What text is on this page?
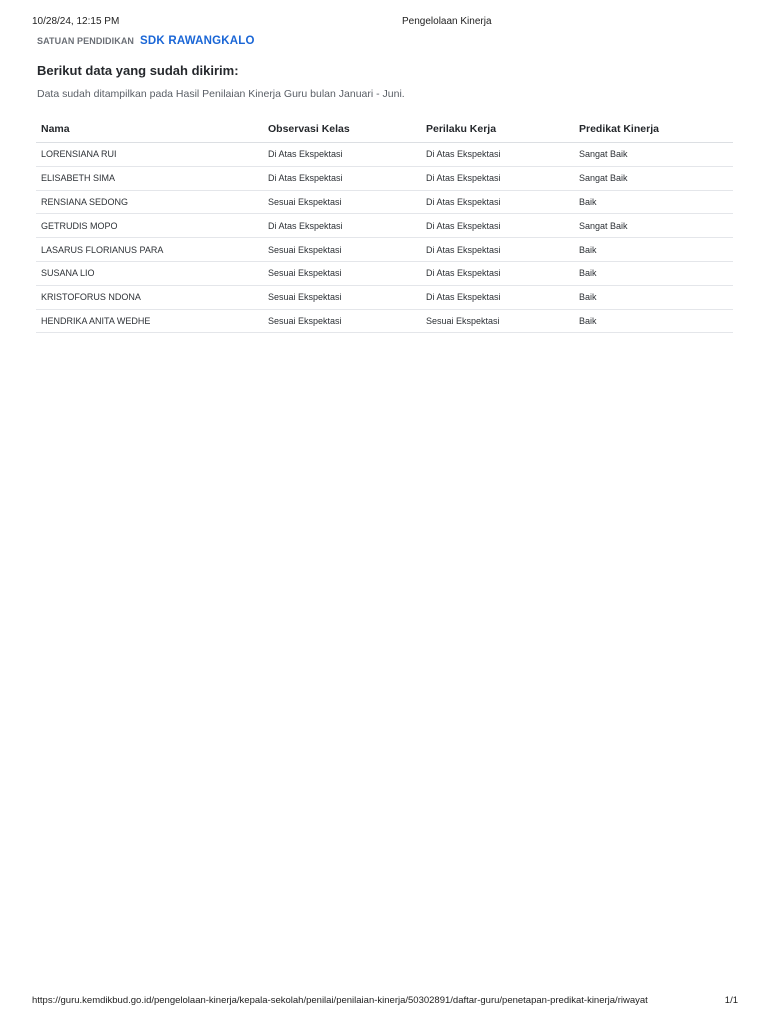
10/28/24, 12:15 PM	Pengelolaan Kinerja
SATUAN PENDIDIKAN SDK RAWANGKALO
Berikut data yang sudah dikirim:

Data sudah ditampilkan pada Hasil Penilaian Kinerja Guru bulan Januari - Juni.

Nama	Observasi Kelas	Perilaku Kerja	Predikat Kinerja
LORENSIANA RUI	Di Atas Ekspektasi	Di Atas Ekspektasi	Sangat Baik
ELISABETH SIMA	Di Atas Ekspektasi	Di Atas Ekspektasi	Sangat Baik
RENSIANA SEDONG	Sesuai Ekspektasi	Di Atas Ekspektasi	Baik
GETRUDIS MOPO	Di Atas Ekspektasi	Di Atas Ekspektasi	Sangat Baik
LASARUS FLORIANUS PARA	Sesuai Ekspektasi	Di Atas Ekspektasi	Baik
SUSANA LIO	Sesuai Ekspektasi	Di Atas Ekspektasi	Baik
KRISTOFORUS NDONA	Sesuai Ekspektasi	Di Atas Ekspektasi	Baik
HENDRIKA ANITA WEDHE	Sesuai Ekspektasi	Sesuai Ekspektasi	Baik
https://guru.kemdikbud.go.id/pengelolaan-kinerja/kepala-sekolah/penilai/penilaian-kinerja/50302891/daftar-guru/penetapan-predikat-kinerja/riwayat	1/1
